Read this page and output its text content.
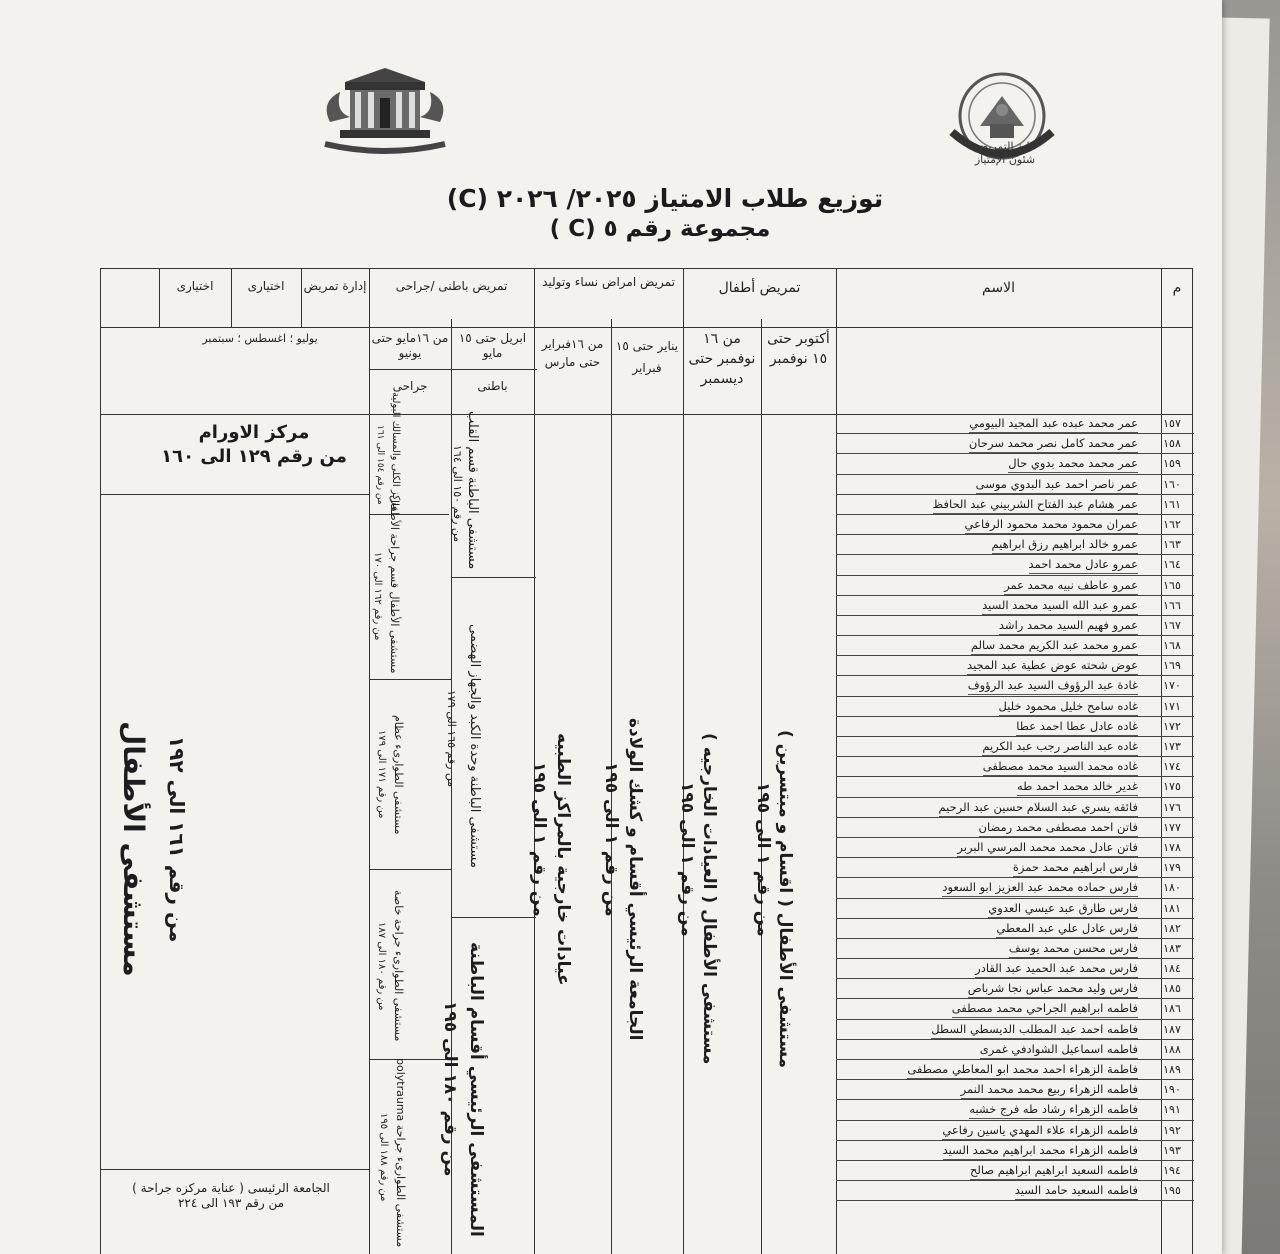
كلية التمريض
شئون الإمتياز
توزيع طلاب الامتياز ٢٠٢٥/ ٢٠٢٦ (C)
مجموعة رقم ٥ (C )
م
الاسم
تمريض أطفال
تمريض امراض نساء وتوليد
تمريض باطنى /جراحى
إدارة تمريض
اختيارى
اختيارى
أكتوبر حتى ١٥ نوفمبر
من ١٦ نوفمبر حتى ديسمبر
يناير حتى ١٥ فبراير
من ١٦فبراير حتى مارس
ابريل حتى ١٥ مايو
من ١٦مايو حتى يونيو
باطنى
جراحى
يوليو ؛ اغسطس ؛ سبتمبر
مستشفى الأطفال ( اقسام و مبتسرين )
من رقم ١ الى ١٩٥
مستشفى الأطفال ( العيادات الخارجيه )
من رقم ١ الى ١٩٥
الجامعة الرئيسي أقسام و كشك الولادة
من رقم ١ الى ١٩٥
عيادات خارجية بالمراكز الطبيه
من رقم ١ الى ١٩٥
مستشفى الباطنة قسم القلب
من رقم ١٥٠ الى ١٦٤
مستشفى الباطنة وحدة الكبد والجهاز الهضمى
من رقم ١٦٥ الى ١٧٩
المستشفى الرئيسي أقسام الباطنة
من رقم ١٨٠ الى ١٩٥
مركز الكلى والمسالك البولية
من رقم ١٥٤ الى ١٦١
مستشفى الأطفال قسم جراحة الأطفال
من رقم ١٦٢ الى ١٧٠
مستشفى الطوارىء عظام
من رقم ١٧١ الى ١٧٩
مستشفى الطوارىء جراحة خاصة
من رقم ١٨٠ الى ١٨٧
مستشفى الطوارىء جراحة polytrauma
من رقم ١٨٨ الى ١٩٥
مركز الاورام
من رقم ١٢٩ الى ١٦٠
مستشفى الأطفال من رقم ١٦١ الى ١٩٢
الجامعة الرئيسى ( عناية مركزه جراحة )
من رقم ١٩٣ الى ٢٢٤
١٥٧
عمر محمد عبده عبد المجيد البيومي
١٥٨
عمر محمد كامل نصر محمد سرحان
١٥٩
عمر محمد محمد بدوي حال
١٦٠
عمر ناصر احمد عبد البدوي موسى
١٦١
عمر هشام عبد الفتاح الشربيني عبد الحافظ
١٦٢
عمران محمود محمد محمود الرفاعي
١٦٣
عمرو خالد ابراهيم رزق ابراهيم
١٦٤
عمرو عادل محمد احمد
١٦٥
عمرو عاطف نبيه محمد عمر
١٦٦
عمرو عبد الله السيد محمد السيد
١٦٧
عمرو فهيم السيد محمد راشد
١٦٨
عمرو محمد عبد الكريم محمد سالم
١٦٩
عوض شحته عوض عطية عبد المجيد
١٧٠
غادة عبد الرؤوف السيد عبد الرؤوف
١٧١
غاده سامح خليل محمود خليل
١٧٢
غاده عادل عطا احمد عطا
١٧٣
غاده عبد الناصر رجب عبد الكريم
١٧٤
غاده محمد السيد محمد مصطفى
١٧٥
غدير خالد محمد احمد طه
١٧٦
فائقه يسري عبد السلام حسين عبد الرحيم
١٧٧
فاتن احمد مصطفى محمد رمضان
١٧٨
فاتن عادل محمد محمد المرسي البربر
١٧٩
فارس ابراهيم محمد حمزة
١٨٠
فارس حماده محمد عبد العزيز ابو السعود
١٨١
فارس طارق عبد عيسي العدوي
١٨٢
فارس عادل علي عبد المعطي
١٨٣
فارس محسن محمد يوسف
١٨٤
فارس محمد عبد الحميد عبد القادر
١٨٥
فارس وليد محمد عباس نجا شرباص
١٨٦
فاطمه ابراهيم الجراحي محمد مصطفى
١٨٧
فاطمه احمد عبد المطلب الديسطي السطل
١٨٨
فاطمه اسماعيل الشوادفي غمرى
١٨٩
فاطمة الزهراء احمد محمد ابو المعاطي مصطفى
١٩٠
فاطمه الزهراء ربيع محمد محمد النمر
١٩١
فاطمه الزهراء رشاد طه فرج خشبه
١٩٢
فاطمه الزهراء علاء المهدي ياسين رفاعي
١٩٣
فاطمه الزهراء محمد ابراهيم محمد السيد
١٩٤
فاطمه السعيد ابراهيم ابراهيم صالح
١٩٥
فاطمه السعيد حامد السيد
